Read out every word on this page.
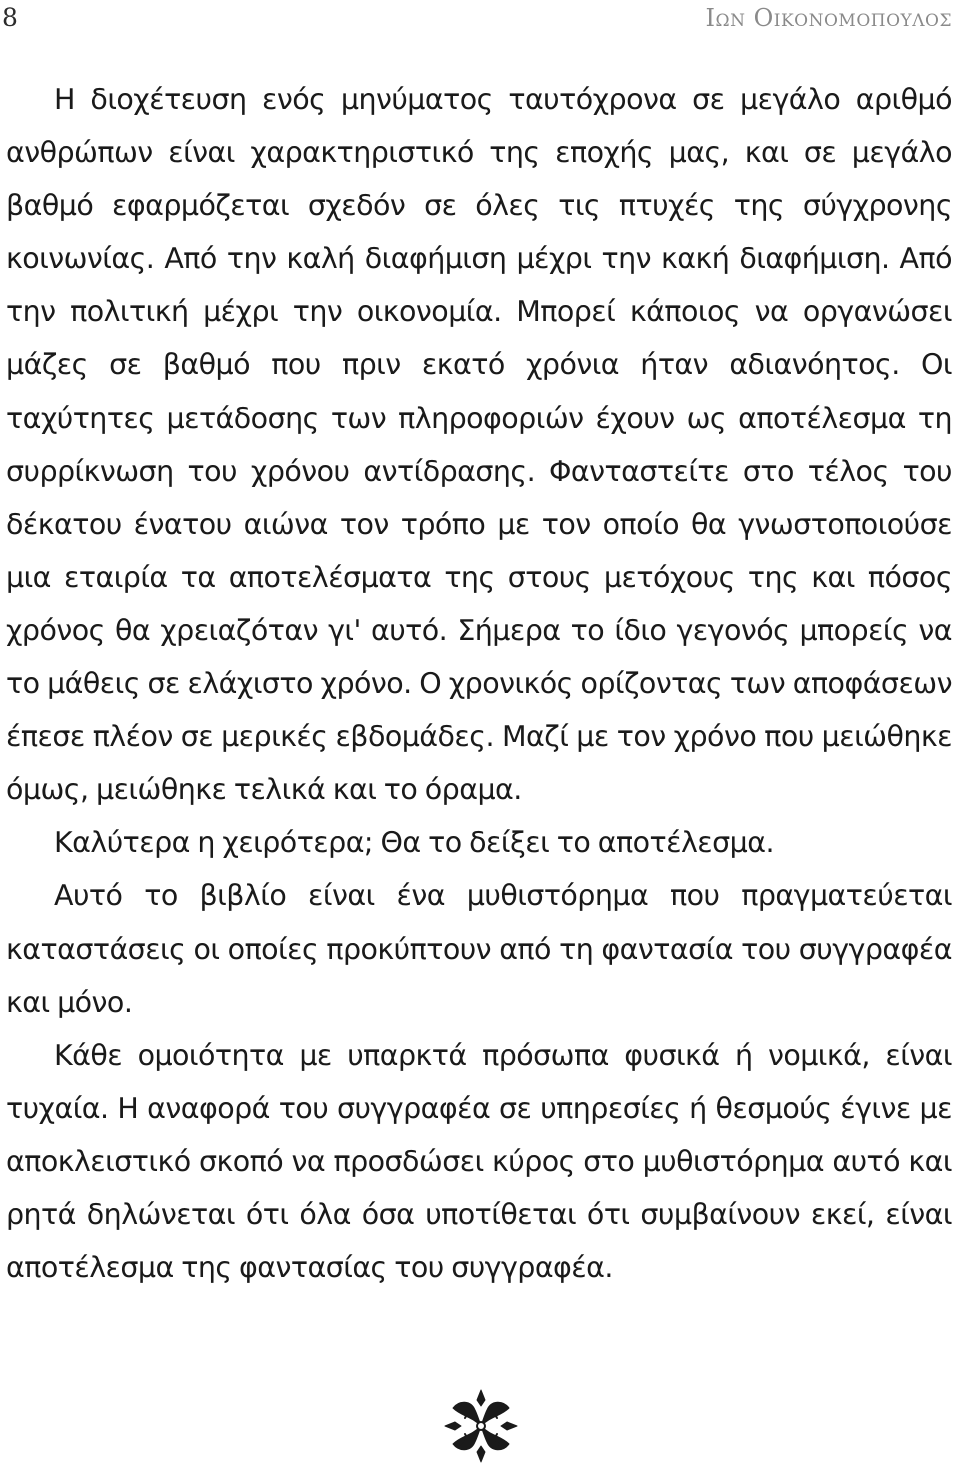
8	Ιων Οικονομοπουλος

Η διοχέτευση ενός μηνύματος ταυτόχρονα σε μεγάλο αριθμό ανθρώπων είναι χαρακτηριστικό της εποχής μας, και σε μεγάλο βαθμό εφαρμόζεται σχεδόν σε όλες τις πτυχές της σύγχρονης κοινωνίας. Από την καλή διαφήμιση μέχρι την κακή διαφήμιση. Από την πολιτική μέχρι την οικονομία. Μπορεί κάποιος να οργανώσει μάζες σε βαθμό που πριν εκατό χρόνια ήταν αδιανόητος. Οι ταχύτητες μετάδοσης των πληροφοριών έχουν ως αποτέλεσμα τη συρρίκνωση του χρόνου αντίδρασης. Φανταστείτε στο τέλος του δέκατου ένατου αιώνα τον τρόπο με τον οποίο θα γνωστοποιούσε μια εταιρία τα αποτελέσματα της στους μετόχους της και πόσος χρόνος θα χρειαζόταν γι' αυτό. Σήμερα το ίδιο γεγονός μπορείς να το μάθεις σε ελάχιστο χρόνο. Ο χρονικός ορίζοντας των αποφάσεων έπεσε πλέον σε μερικές εβδομάδες. Μαζί με τον χρόνο που μειώθηκε όμως, μειώθηκε τελικά και το όραμα.

Καλύτερα η χειρότερα; Θα το δείξει το αποτέλεσμα.

Αυτό το βιβλίο είναι ένα μυθιστόρημα που πραγματεύεται καταστάσεις οι οποίες προκύπτουν από τη φαντασία του συγγραφέα και μόνο.

Κάθε ομοιότητα με υπαρκτά πρόσωπα φυσικά ή νομικά, είναι τυχαία. Η αναφορά του συγγραφέα σε υπηρεσίες ή θεσμούς έγινε με αποκλειστικό σκοπό να προσδώσει κύρος στο μυθιστόρημα αυτό και ρητά δηλώνεται ότι όλα όσα υποτίθεται ότι συμβαίνουν εκεί, είναι αποτέλεσμα της φαντασίας του συγγραφέα.
